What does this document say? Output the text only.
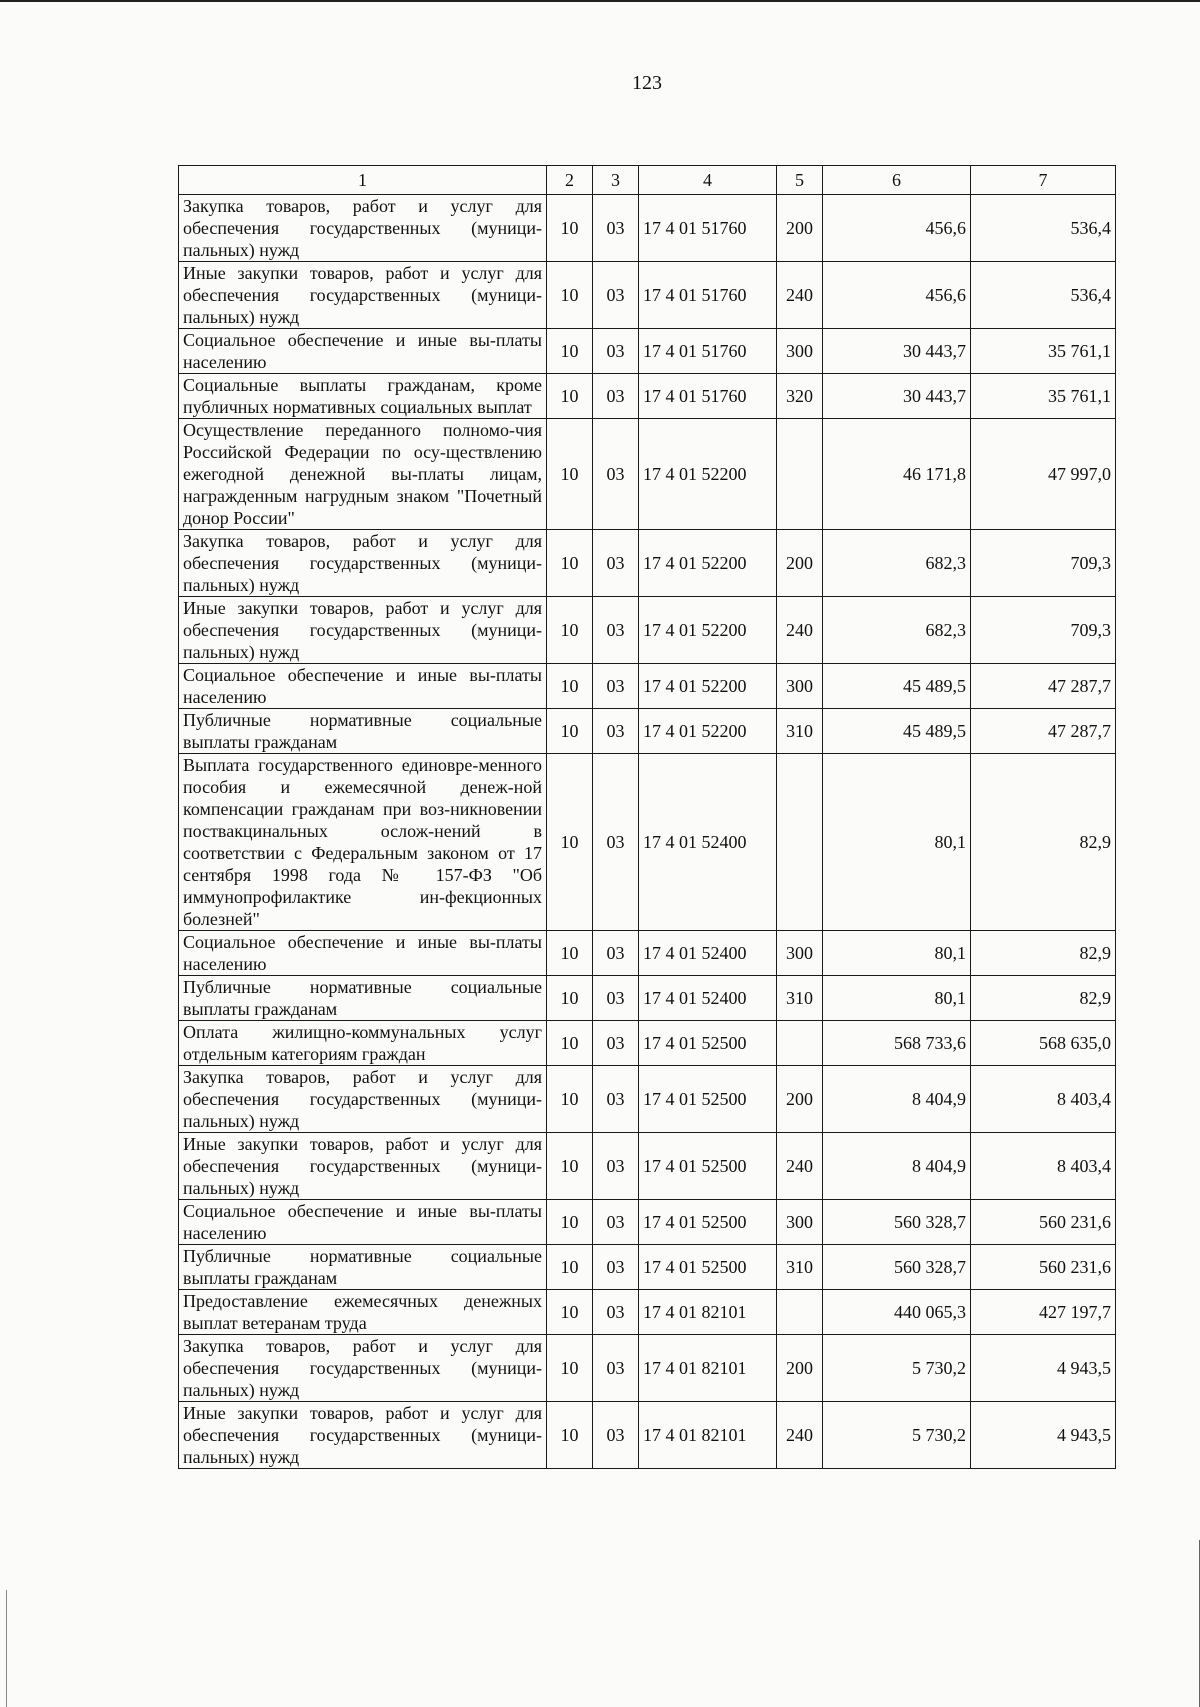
123
1	2	3	4	5	6	7
Закупка товаров, работ и услуг для обеспечения государственных (муници-пальных) нужд	10	03	17 4 01 51760	200	456,6	536,4
Иные закупки товаров, работ и услуг для обеспечения государственных (муници-пальных) нужд	10	03	17 4 01 51760	240	456,6	536,4
Социальное обеспечение и иные вы-платы населению	10	03	17 4 01 51760	300	30 443,7	35 761,1
Социальные выплаты гражданам, кроме публичных нормативных социальных выплат	10	03	17 4 01 51760	320	30 443,7	35 761,1
Осуществление переданного полномо-чия Российской Федерации по осу-ществлению ежегодной денежной вы-платы лицам, награжденным нагрудным знаком "Почетный донор России"	10	03	17 4 01 52200		46 171,8	47 997,0
Закупка товаров, работ и услуг для обеспечения государственных (муници-пальных) нужд	10	03	17 4 01 52200	200	682,3	709,3
Иные закупки товаров, работ и услуг для обеспечения государственных (муници-пальных) нужд	10	03	17 4 01 52200	240	682,3	709,3
Социальное обеспечение и иные вы-платы населению	10	03	17 4 01 52200	300	45 489,5	47 287,7
Публичные нормативные социальные выплаты гражданам	10	03	17 4 01 52200	310	45 489,5	47 287,7
Выплата государственного единовре-менного пособия и ежемесячной денеж-ной компенсации гражданам при воз-никновении поствакцинальных ослож-нений в соответствии с Федеральным законом от 17 сентября 1998 года № 157-ФЗ "Об иммунопрофилактике ин-фекционных болезней"	10	03	17 4 01 52400		80,1	82,9
Социальное обеспечение и иные вы-платы населению	10	03	17 4 01 52400	300	80,1	82,9
Публичные нормативные социальные выплаты гражданам	10	03	17 4 01 52400	310	80,1	82,9
Оплата жилищно-коммунальных услуг отдельным категориям граждан	10	03	17 4 01 52500		568 733,6	568 635,0
Закупка товаров, работ и услуг для обеспечения государственных (муници-пальных) нужд	10	03	17 4 01 52500	200	8 404,9	8 403,4
Иные закупки товаров, работ и услуг для обеспечения государственных (муници-пальных) нужд	10	03	17 4 01 52500	240	8 404,9	8 403,4
Социальное обеспечение и иные вы-платы населению	10	03	17 4 01 52500	300	560 328,7	560 231,6
Публичные нормативные социальные выплаты гражданам	10	03	17 4 01 52500	310	560 328,7	560 231,6
Предоставление ежемесячных денежных выплат ветеранам труда	10	03	17 4 01 82101		440 065,3	427 197,7
Закупка товаров, работ и услуг для обеспечения государственных (муници-пальных) нужд	10	03	17 4 01 82101	200	5 730,2	4 943,5
Иные закупки товаров, работ и услуг для обеспечения государственных (муници-пальных) нужд	10	03	17 4 01 82101	240	5 730,2	4 943,5
